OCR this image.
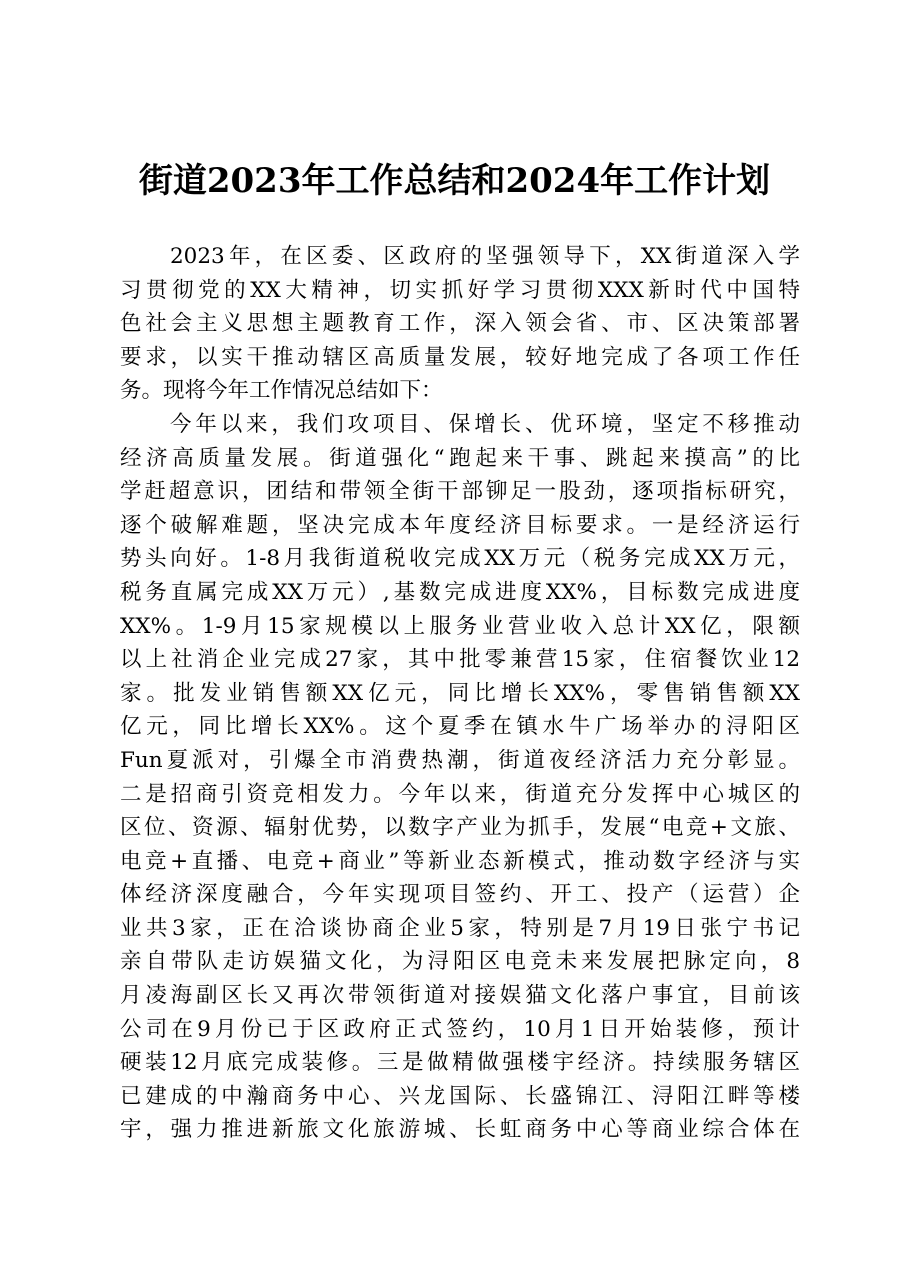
街道2023年工作总结和2024年工作计划
2023年，在区委、区政府的坚强领导下，XX街道深入学
习贯彻党的XX大精神，切实抓好学习贯彻XXX新时代中国特
色社会主义思想主题教育工作，深入领会省、市、区决策部署
要求，以实干推动辖区高质量发展，较好地完成了各项工作任
务。现将今年工作情况总结如下：
今年以来，我们攻项目、保增长、优环境，坚定不移推动
经济高质量发展。街道强化“跑起来干事、跳起来摸高”的比
学赶超意识，团结和带领全街干部铆足一股劲，逐项指标研究，
逐个破解难题，坚决完成本年度经济目标要求。一是经济运行
势头向好。1-8月我街道税收完成XX万元（税务完成XX万元，
税务直属完成XX万元）,基数完成进度XX%，目标数完成进度
XX%。1-9月15家规模以上服务业营业收入总计XX亿，限额
以上社消企业完成27家，其中批零兼营15家，住宿餐饮业12
家。批发业销售额XX亿元，同比增长XX%，零售销售额XX
亿元，同比增长XX%。这个夏季在镇水牛广场举办的浔阳区
Fun夏派对，引爆全市消费热潮，街道夜经济活力充分彰显。
二是招商引资竞相发力。今年以来，街道充分发挥中心城区的
区位、资源、辐射优势，以数字产业为抓手，发展“电竞+文旅、
电竞+直播、电竞+商业”等新业态新模式，推动数字经济与实
体经济深度融合，今年实现项目签约、开工、投产（运营）企
业共3家，正在洽谈协商企业5家，特别是7月19日张宁书记
亲自带队走访娱猫文化，为浔阳区电竞未来发展把脉定向，8
月凌海副区长又再次带领街道对接娱猫文化落户事宜，目前该
公司在9月份已于区政府正式签约，10月1日开始装修，预计
硬装12月底完成装修。三是做精做强楼宇经济。持续服务辖区
已建成的中瀚商务中心、兴龙国际、长盛锦江、浔阳江畔等楼
宇，强力推进新旅文化旅游城、长虹商务中心等商业综合体在
